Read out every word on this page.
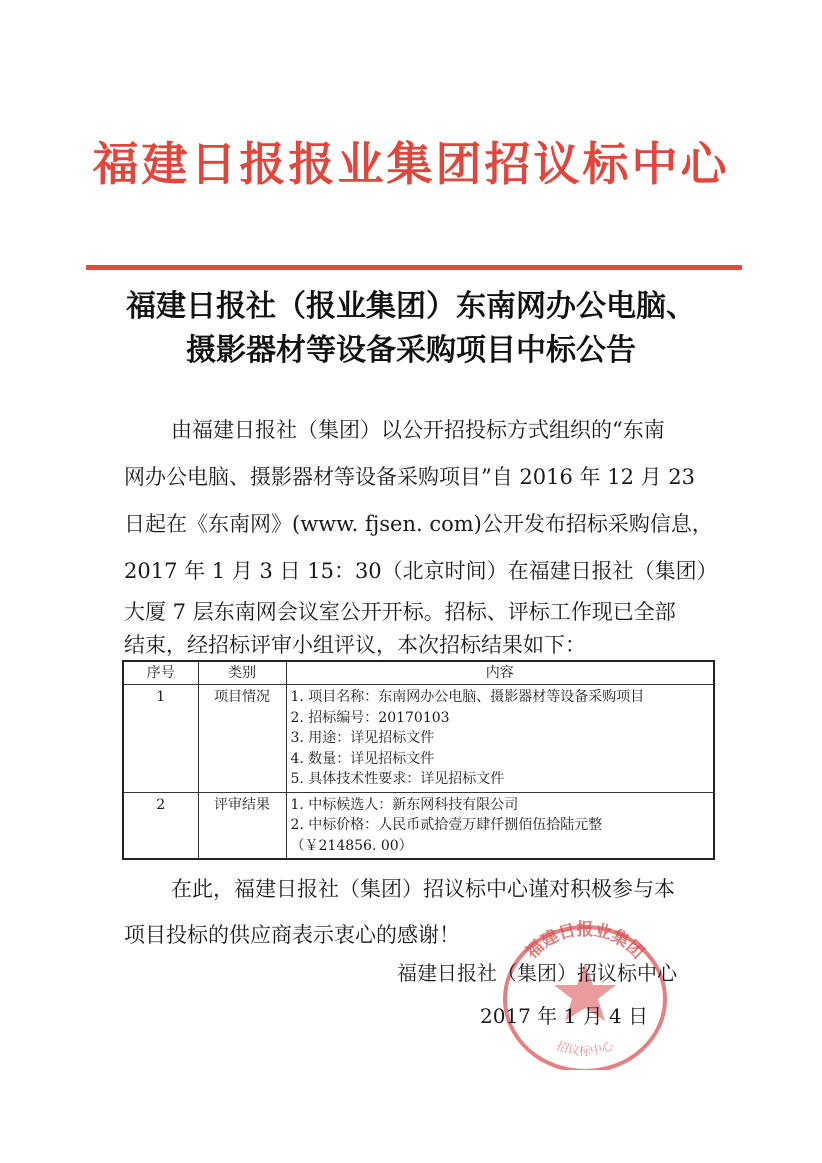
福建日报报业集团招议标中心
福建日报社（报业集团）东南网办公电脑、
摄影器材等设备采购项目中标公告
由福建日报社（集团）以公开招投标方式组织的“东南
网办公电脑、摄影器材等设备采购项目”自 2016 年 12 月 23
日起在《东南网》(www. fjsen. com)公开发布招标采购信息，
2017 年 1 月 3 日 15：30（北京时间）在福建日报社（集团）
大厦 7 层东南网会议室公开开标。招标、评标工作现已全部
结束，经招标评审小组评议，本次招标结果如下：
序号	类别	内容
1	项目情况	1. 项目名称：东南网办公电脑、摄影器材等设备采购项目
2. 招标编号：20170103
3. 用途：详见招标文件
4. 数量：详见招标文件
5. 具体技术性要求：详见招标文件

2	评审结果	1. 中标候选人：新东网科技有限公司
2. 中标价格：人民币贰拾壹万肆仟捌佰伍拾陆元整
（￥214856. 00）
在此，福建日报社（集团）招议标中心谨对积极参与本
项目投标的供应商表示衷心的感谢！
福建日报业集团
招议标中心
福建日报社（集团）招议标中心
2017 年 1 月 4 日
